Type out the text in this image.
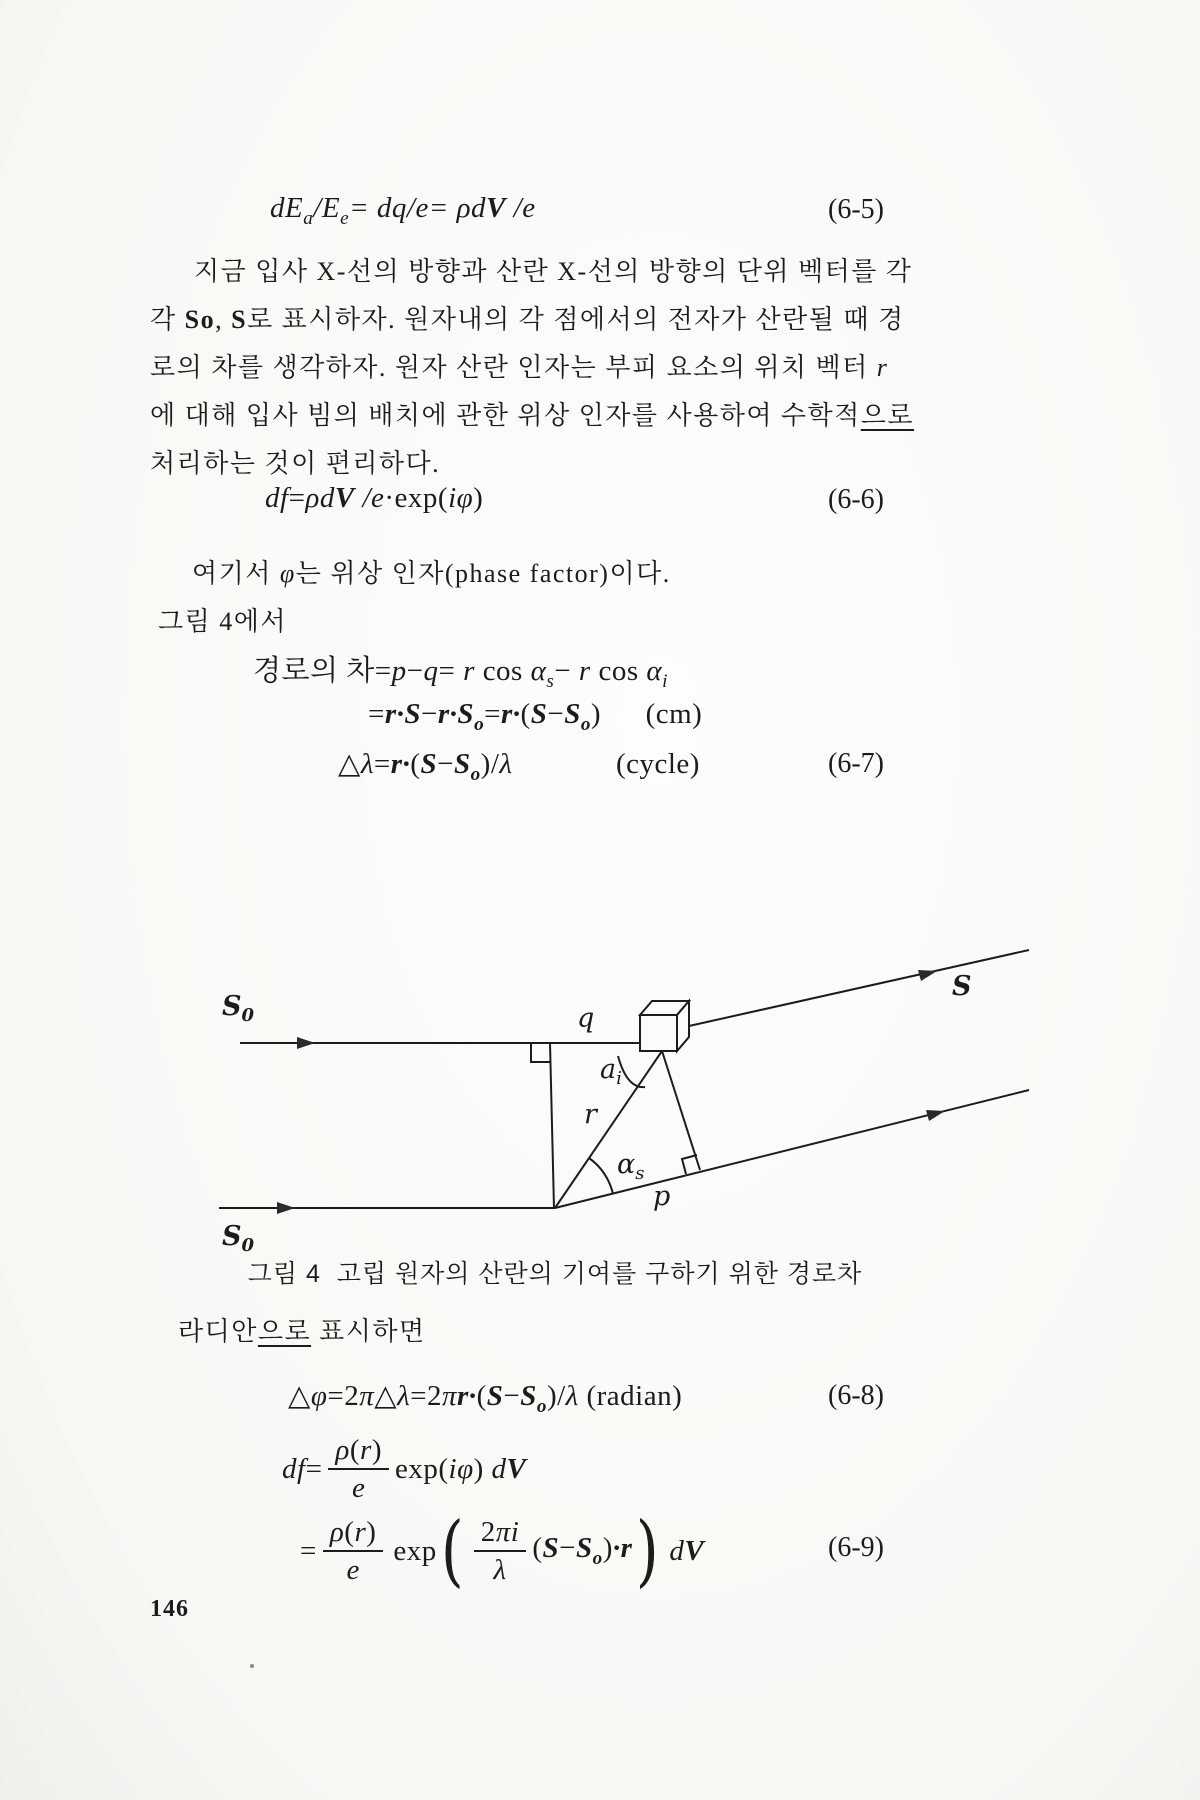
$dE_a/E_e= dq/e= \rho dV$ /e	(6-5)
지금 입사 X-선의 방향과 산란 X-선의 방향의 단위 벡터를 각
각 So, S로 표시하자. 원자내의 각 점에서의 전자가 산란될 때 경
로의 차를 생각하자. 원자 산란 인자는 부피 요소의 위치 벡터 r
에 대해 입사 빔의 배치에 관한 위상 인자를 사용하여 수학적으로
처리하는 것이 편리하다.
df=ρdV /e·exp(iφ)	(6-6)
여기서 φ는 위상 인자(phase factor)이다.
그림 4에서
경로의 차=p−q= r $\cos \alpha_s- r$ $\cos \alpha_i$
$=r\cdot S-r\cdot S_o=r\cdot(S-S_o)$  (cm)
$\triangle\lambda=r\cdot(S-S_o)/\lambda$    (cycle)	(6-7)
$S_0$	q
S
$a_i$
r
$\alpha_s$
p
$S_0$
그림 4  고립 원자의 산란의 기여를 구하기 위한 경로차
라디안으로 표시하면
$\triangle\varphi=2\pi\triangle\lambda=2\pi r\cdot(S-S_o)/\lambda$ (radian)	(6-8)
$df= \frac{\rho(r)}{e} \exp(i\varphi)$ dV
= $\frac{\rho(r)}{e}$ exp ( $\frac{2\pi i}{\lambda} (S-S_o)\cdot r$ ) dV	(6-9)
146
